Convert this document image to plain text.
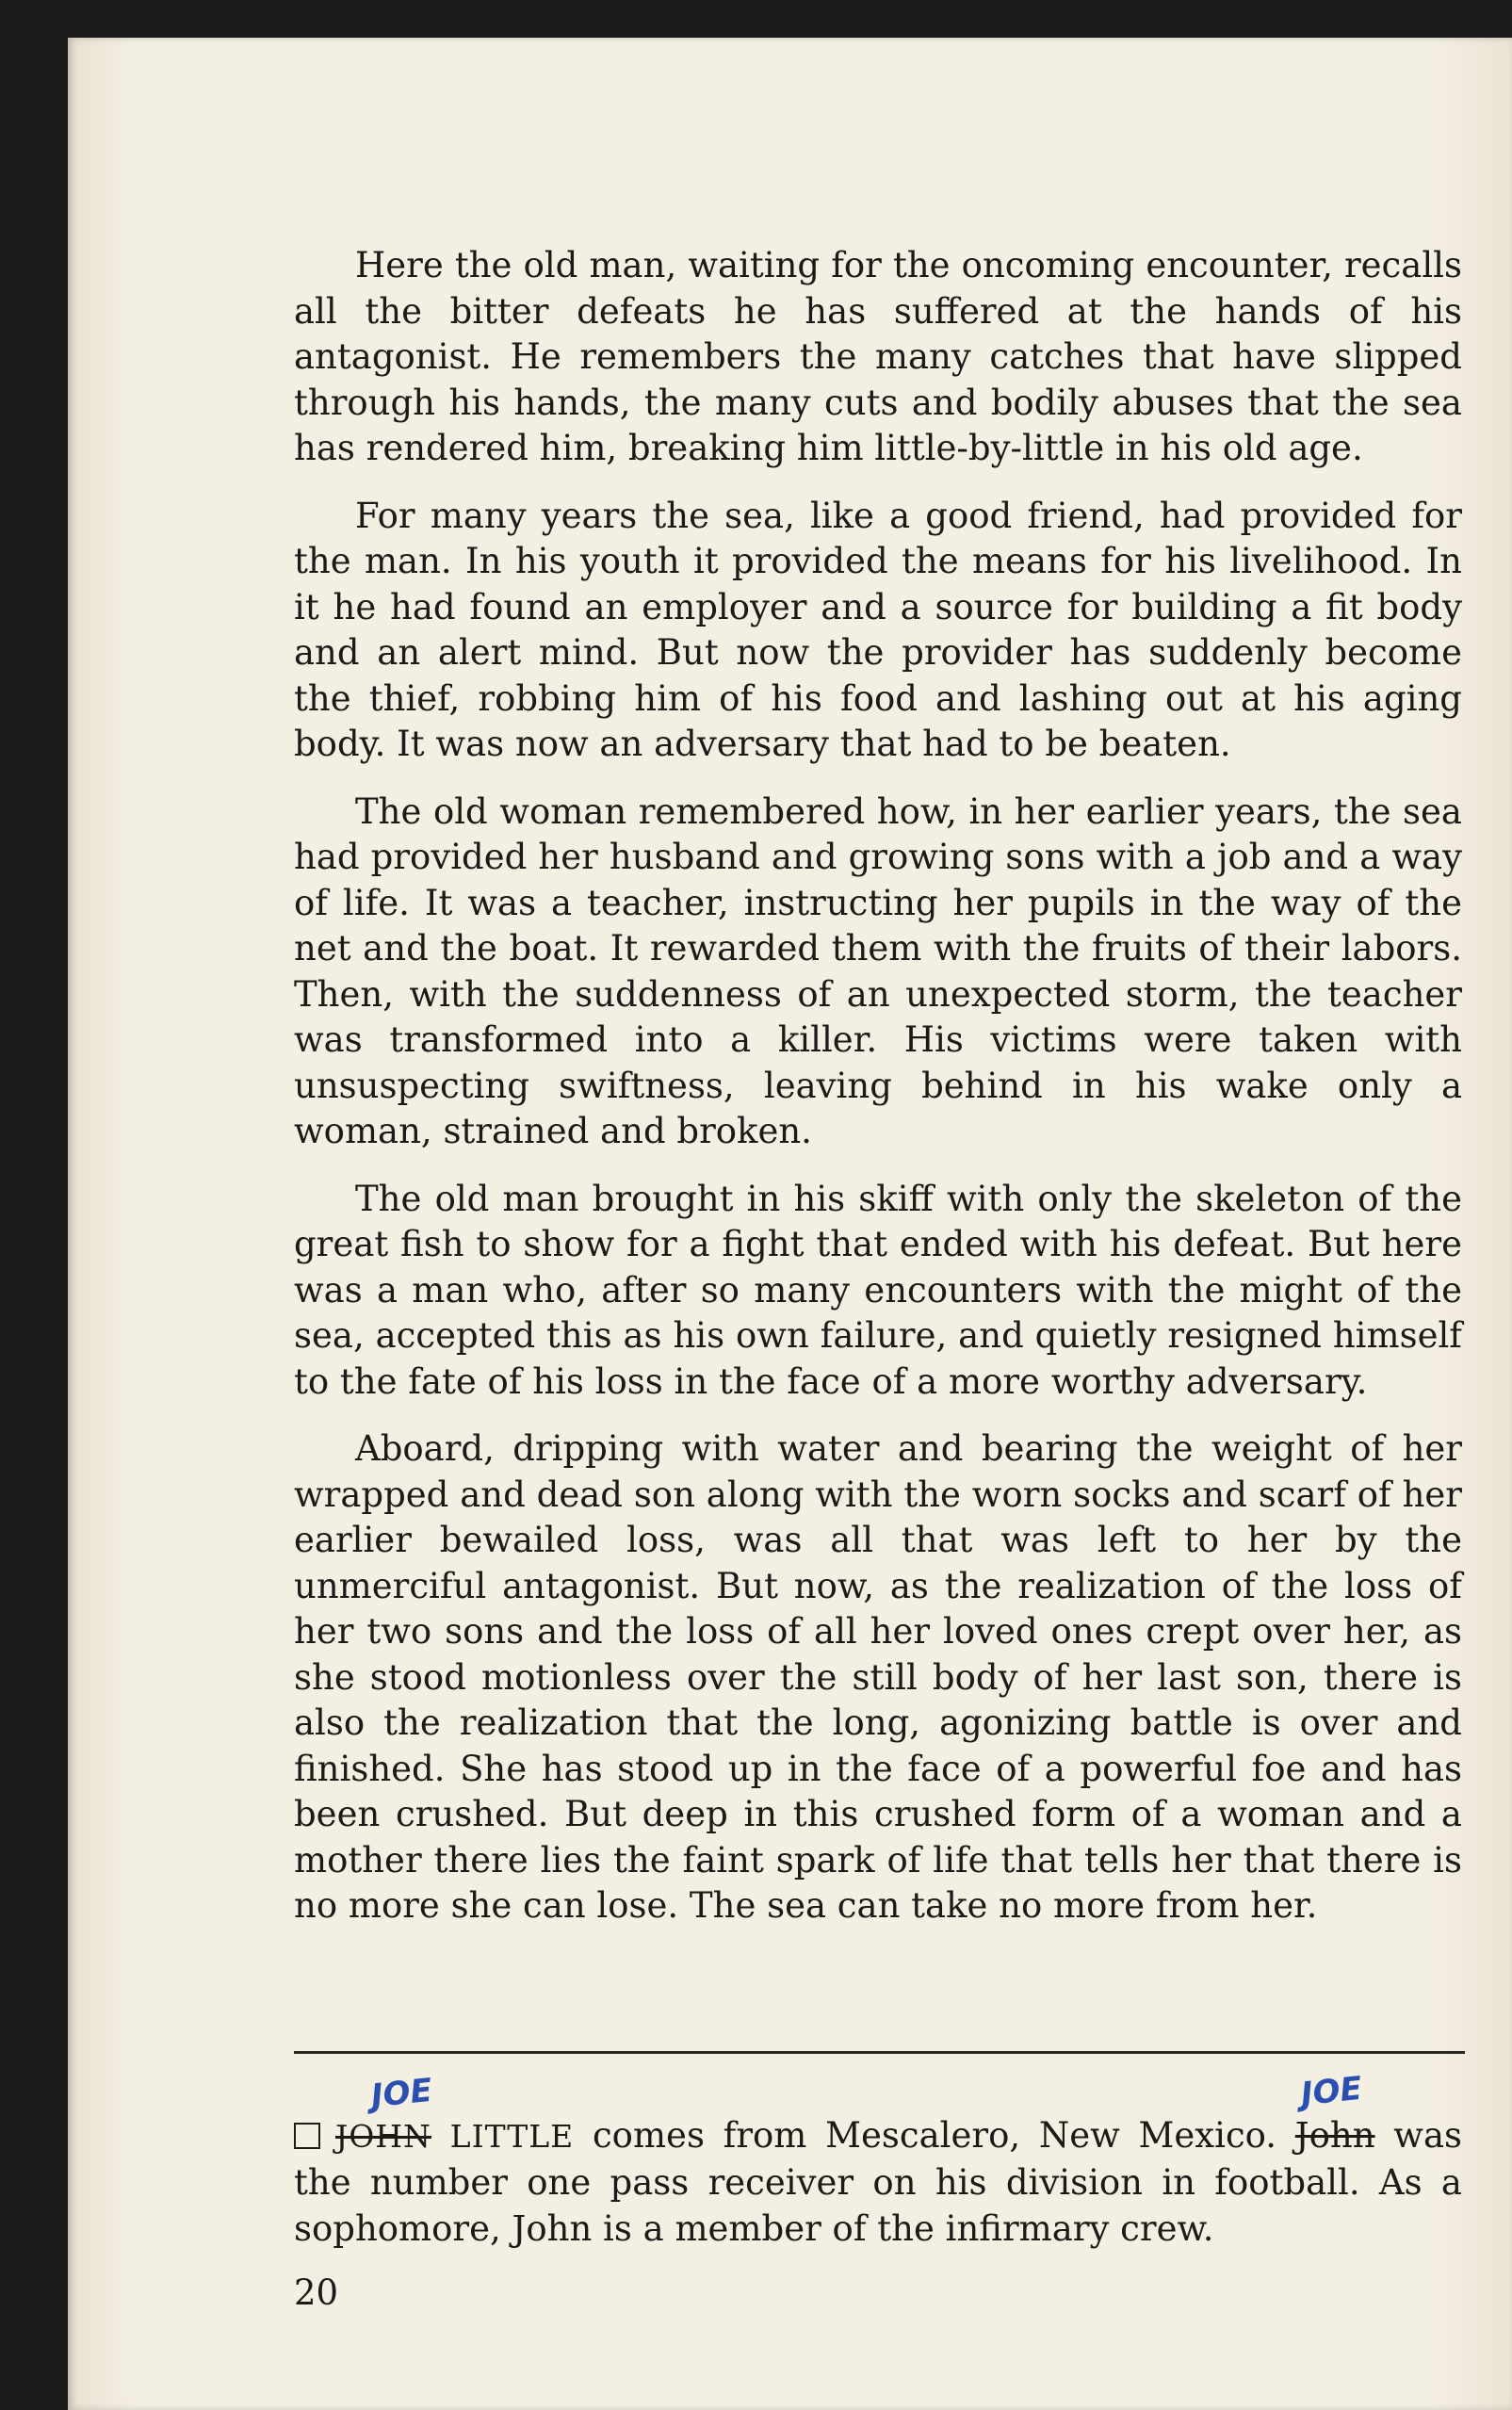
Here the old man, waiting for the oncoming encounter, recalls all the bitter defeats he has suffered at the hands of his antagonist. He remembers the many catches that have slipped through his hands, the many cuts and bodily abuses that the sea has rendered him, breaking him little-by-little in his old age.

For many years the sea, like a good friend, had provided for the man. In his youth it provided the means for his livelihood. In it he had found an employer and a source for building a fit body and an alert mind. But now the provider has suddenly become the thief, robbing him of his food and lashing out at his aging body. It was now an adversary that had to be beaten.

The old woman remembered how, in her earlier years, the sea had provided her husband and growing sons with a job and a way of life. It was a teacher, instructing her pupils in the way of the net and the boat. It rewarded them with the fruits of their labors. Then, with the suddenness of an unexpected storm, the teacher was transformed into a killer. His victims were taken with unsuspecting swiftness, leaving behind in his wake only a woman, strained and broken.

The old man brought in his skiff with only the skeleton of the great fish to show for a fight that ended with his defeat. But here was a man who, after so many encounters with the might of the sea, accepted this as his own failure, and quietly resigned himself to the fate of his loss in the face of a more worthy adversary.

Aboard, dripping with water and bearing the weight of her wrapped and dead son along with the worn socks and scarf of her earlier bewailed loss, was all that was left to her by the unmerciful antagonist. But now, as the realization of the loss of her two sons and the loss of all her loved ones crept over her, as she stood motionless over the still body of her last son, there is also the realization that the long, agonizing battle is over and finished. She has stood up in the face of a powerful foe and has been crushed. But deep in this crushed form of a woman and a mother there lies the faint spark of life that tells her that there is no more she can lose. The sea can take no more from her.

JOHN
JOE
LITTLE comes from Mescalero, New Mexico. John
JOE
was the number one pass receiver on his division in football. As a sophomore, John is a member of the infirmary crew.
20
